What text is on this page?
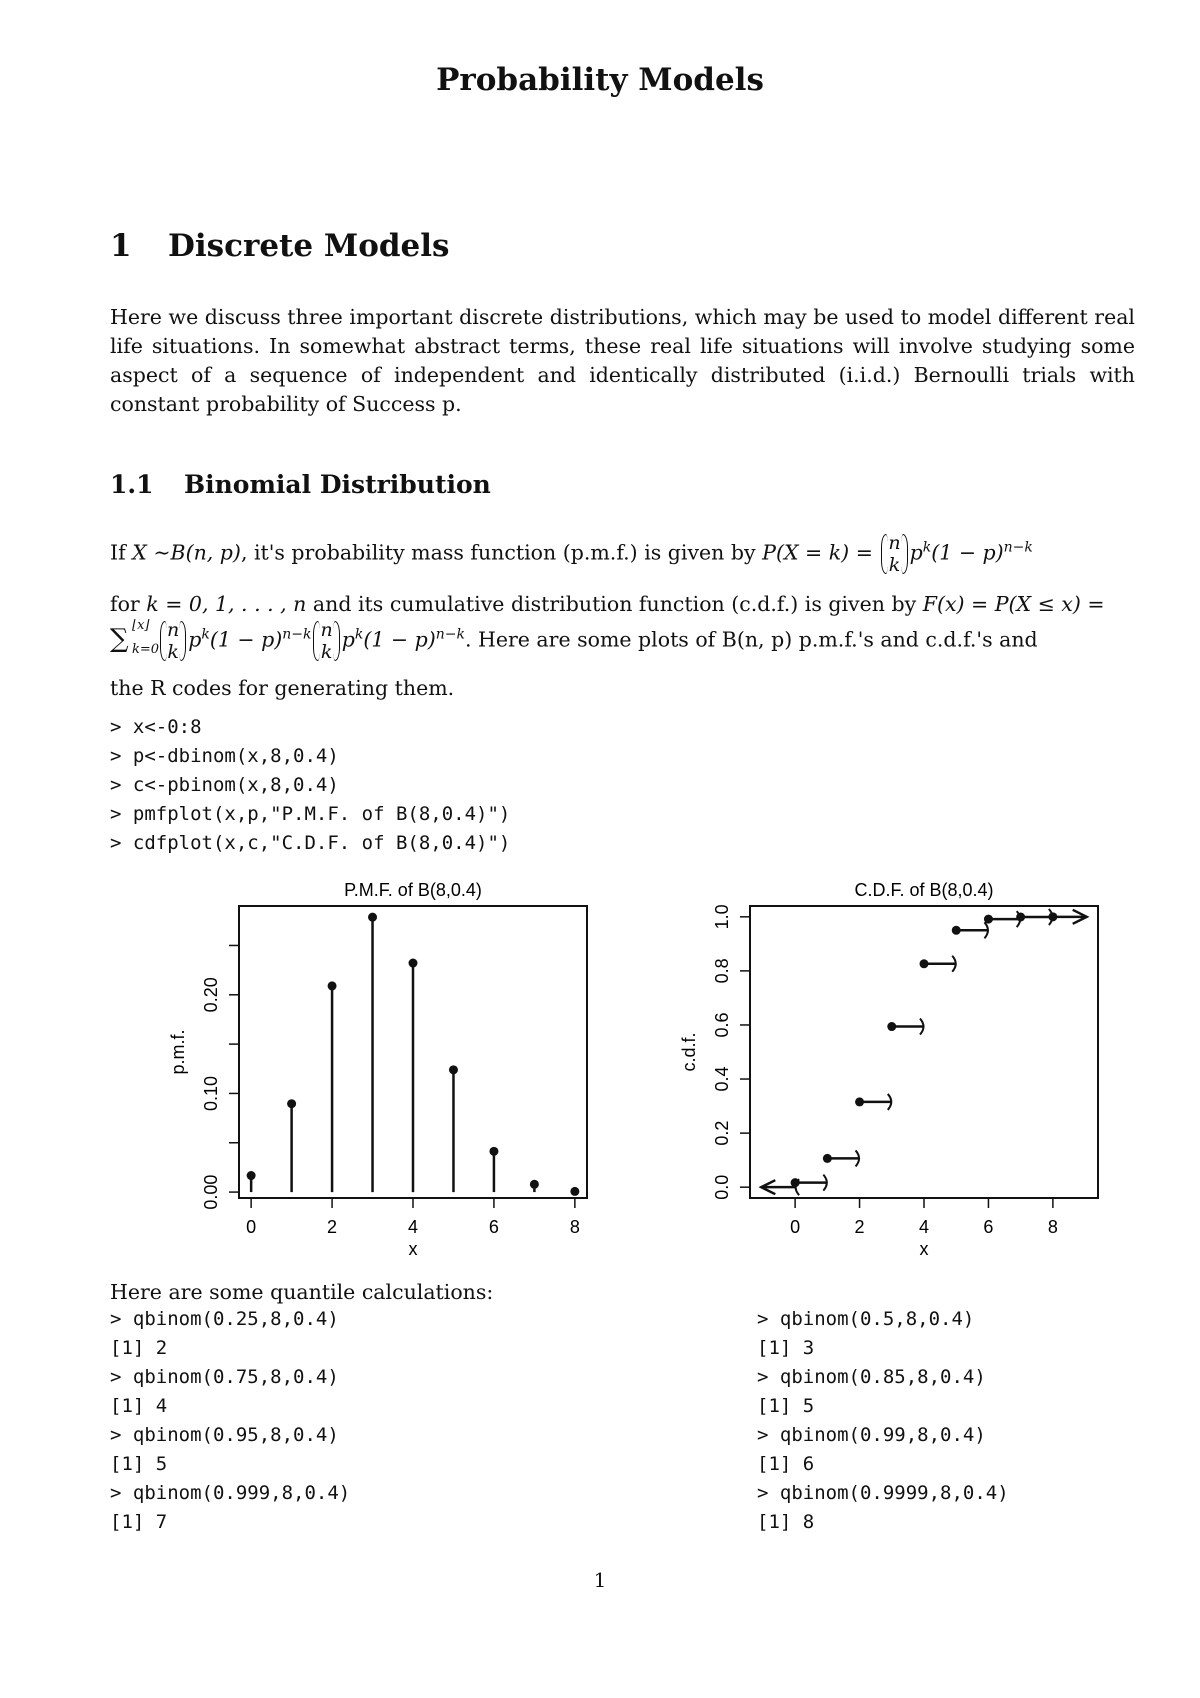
Probability Models
1 Discrete Models
Here we discuss three important discrete distributions, which may be used to model different real life situations. In somewhat abstract terms, these real life situations will involve studying some aspect of a sequence of independent and identically distributed (i.i.d.) Bernoulli trials with constant probability of Success p.
1.1 Binomial Distribution
If X ∼B(n, p), it's probability mass function (p.m.f.) is given by P(X = k) = n
k
$p^k(1 - p)^{n-k}$
for k = 0, 1, . . . , n and its cumulative distribution function (c.d.f.) is given by F(x) = P(X ≤ x) =
∑ ⌊x⌋
k=0
n
k
$p^k(1 - p)^{n-k}$ n
k
$p^k(1 - p)^{n-k}$. Here are some plots of B(n, p) p.m.f.'s and c.d.f.'s and
the R codes for generating them.
> x<-0:8
> p<-dbinom(x,8,0.4)
> c<-pbinom(x,8,0.4)
> pmfplot(x,p,"P.M.F. of B(8,0.4)")
> cdfplot(x,c,"C.D.F. of B(8,0.4)")
P.M.F. of B(8,0.4)
0	2	4	6	8
x
0.00
0.10
0.20
p.m.f.
C.D.F. of B(8,0.4)
0	2	4	6	8
x
0.0
0.2
0.4
0.6
0.8
1.0
c.d.f.
Here are some quantile calculations:
> qbinom(0.25,8,0.4)
[1] 2
> qbinom(0.75,8,0.4)
[1] 4
> qbinom(0.95,8,0.4)
[1] 5
> qbinom(0.999,8,0.4)
[1] 7
> qbinom(0.5,8,0.4)
[1] 3
> qbinom(0.85,8,0.4)
[1] 5
> qbinom(0.99,8,0.4)
[1] 6
> qbinom(0.9999,8,0.4)
[1] 8
1
